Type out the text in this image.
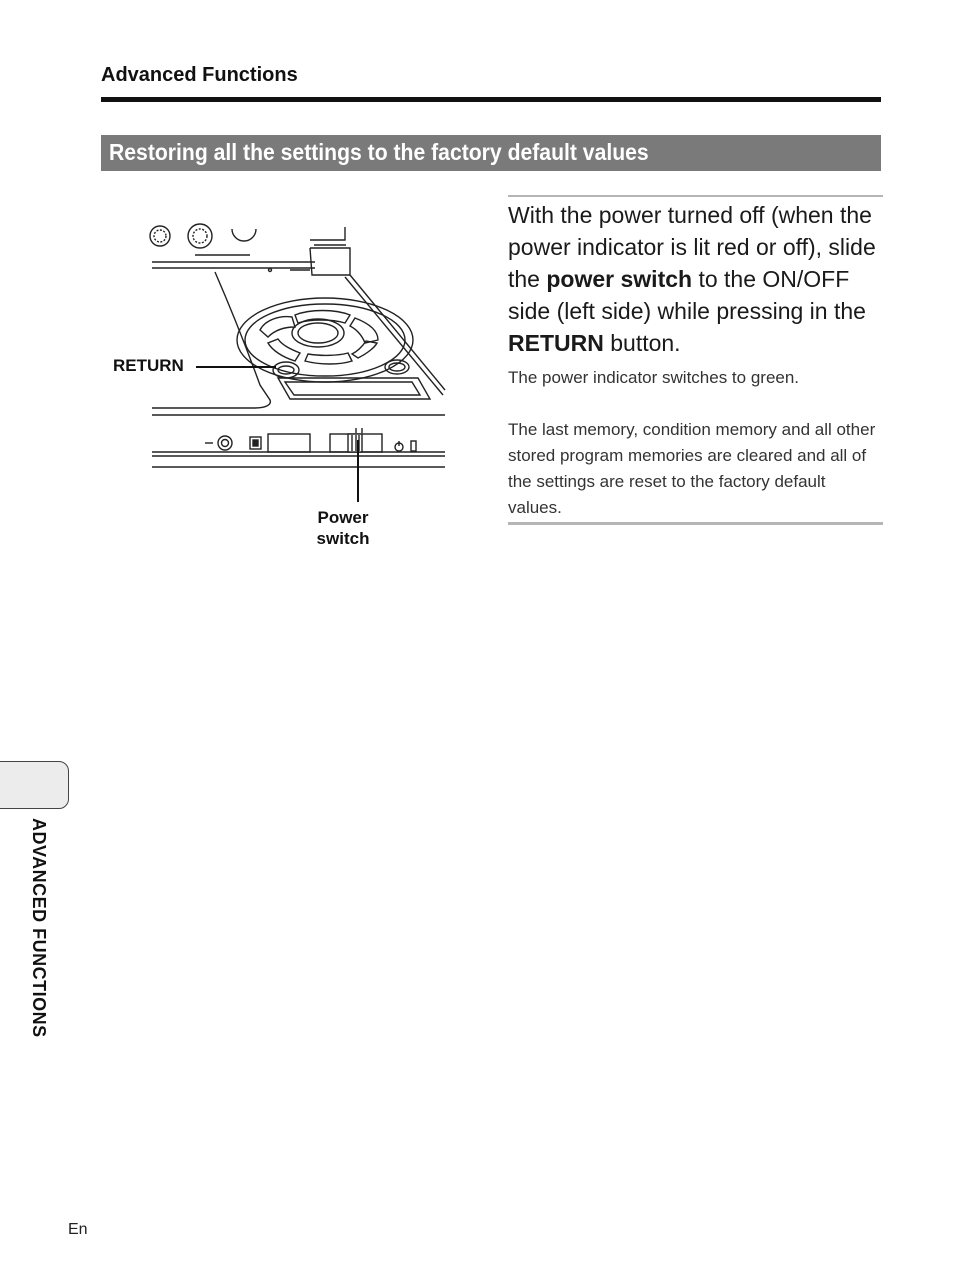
Advanced Functions
Restoring all the settings to the factory default values
With the power turned off (when the power indicator is lit red or off), slide the power switch to the ON/OFF side (left side) while pressing in the RETURN button.
The power indicator switches to green.
The last memory, condition memory and all other stored program memories are cleared and all of the settings are reset to the factory default values.
RETURN
Power
switch
ADVANCED FUNCTIONS
En
